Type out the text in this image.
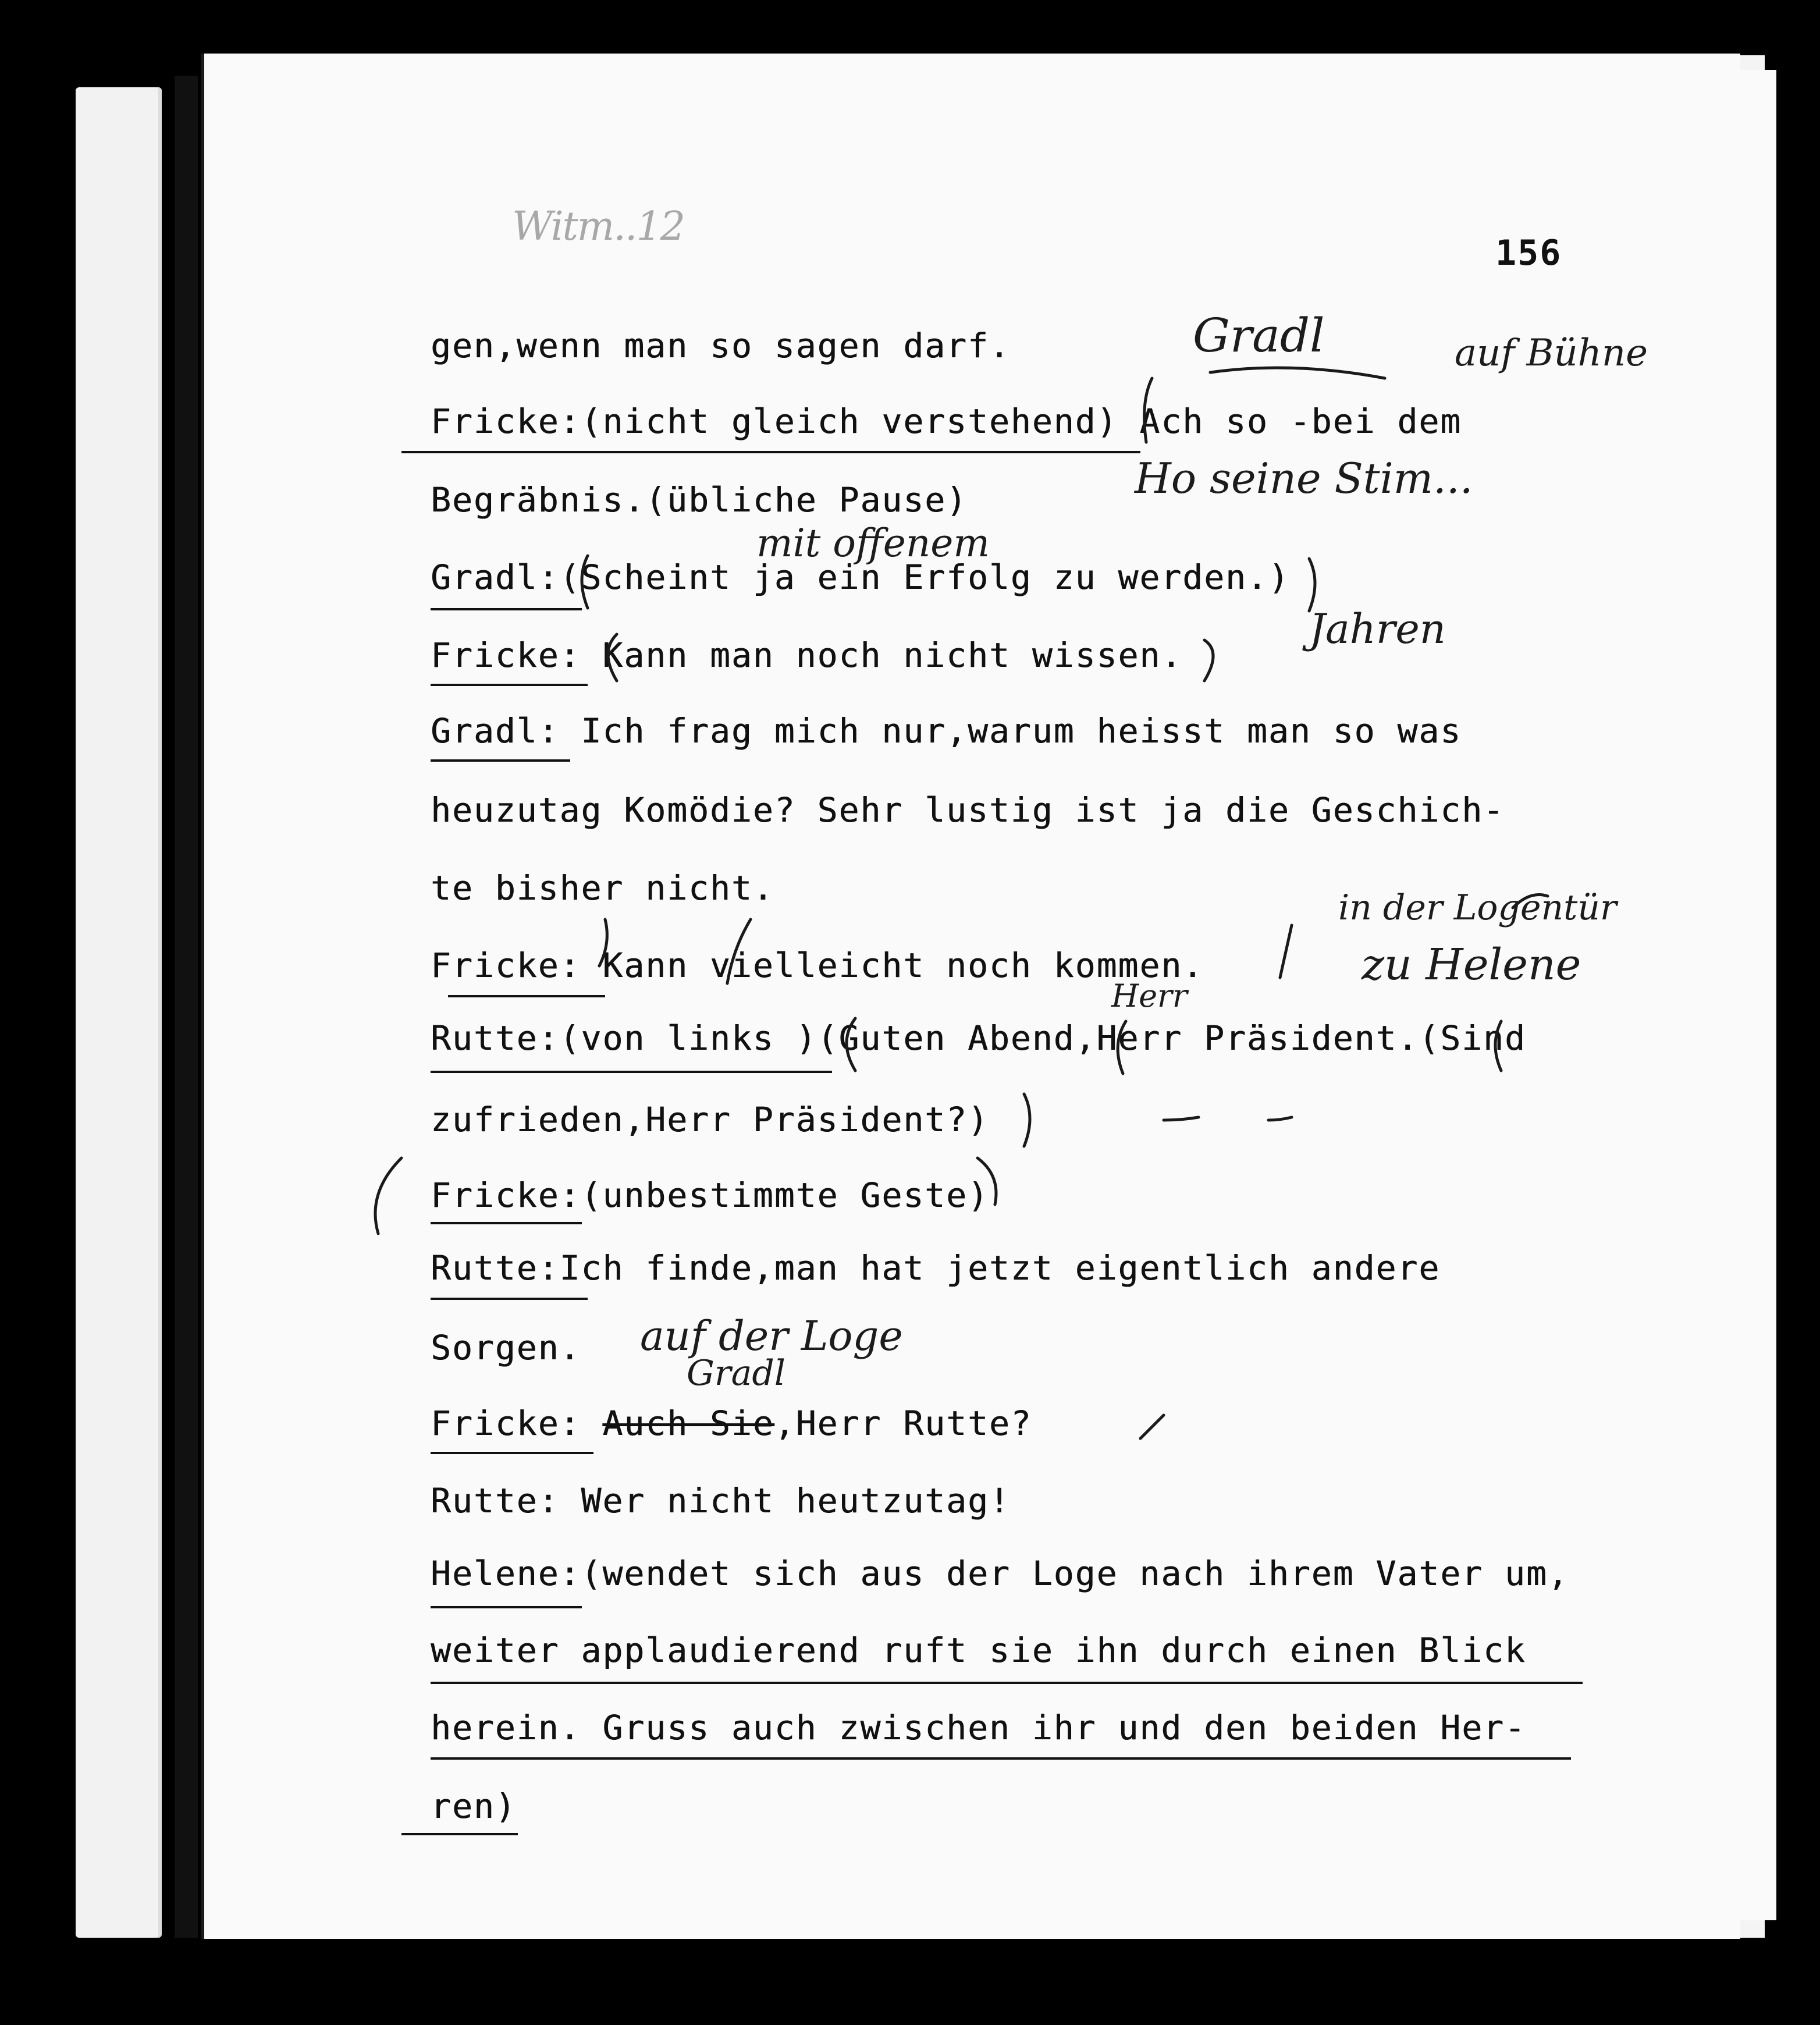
Witm..12
156
gen,wenn man so sagen darf.
Fricke:(nicht gleich verstehend) Ach so -bei dem
Begräbnis.(übliche Pause)
Gradl:(Scheint ja ein Erfolg zu werden.)
Fricke: Kann man noch nicht wissen.
Gradl: Ich frag mich nur,warum heisst man so was
heuzutag Komödie? Sehr lustig ist ja die Geschich-
te bisher nicht.
Fricke: Kann vielleicht noch kommen.
Rutte:(von links )(Guten Abend,Herr Präsident.(Sind
zufrieden,Herr Präsident?)
Fricke:(unbestimmte Geste)
Rutte:Ich finde,man hat jetzt eigentlich andere
Sorgen.
Fricke: Auch Sie,Herr Rutte?
Rutte: Wer nicht heutzutag!
Helene:(wendet sich aus der Loge nach ihrem Vater um,
weiter applaudierend ruft sie ihn durch einen Blick
herein. Gruss auch zwischen ihr und den beiden Her-
ren)
Gradl	auf Bühne
Ho seine Stim...
mit offenem
Jahren
in der Logentür
zu Helene
Herr
auf der Loge
Gradl
